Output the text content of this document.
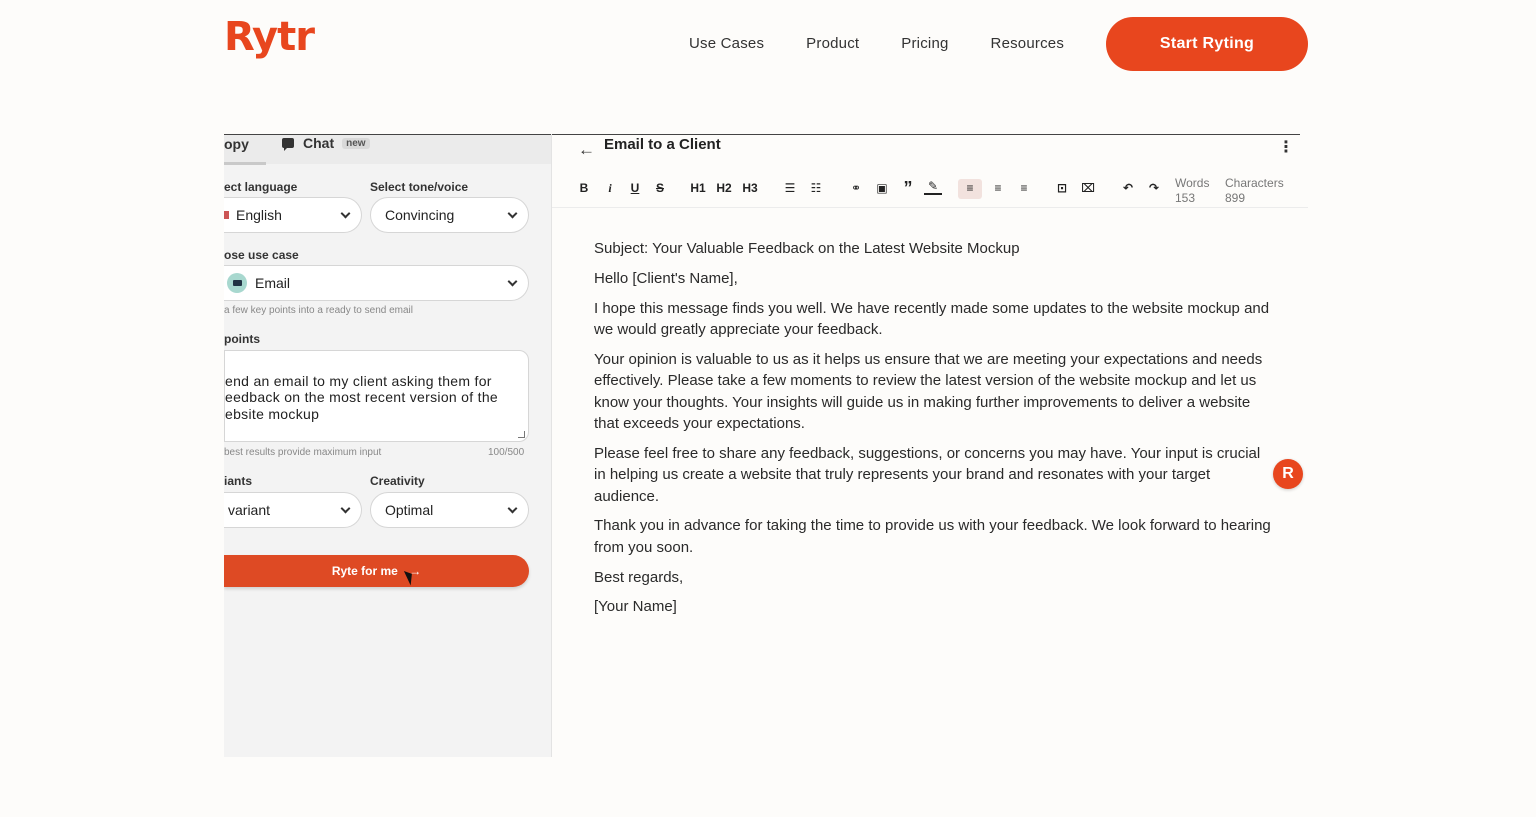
Rytr	Use Cases	Product	Pricing	Resources	Start Ryting
opy	Chat	new
ect language	Select tone/voice
English	Convincing
ose use case
Email
a few key points into a ready to send email
points

end an email to my client asking them for
eedback on the most recent version of the
ebsite mockup

best results provide maximum input	100/500
iants	Creativity
variant	Optimal
Ryte for me →
← Email to a Client	⋮
B	i	U S H1 H2 H3 ☰ ☷ ⚭ ▣ ”	✎	≡	≡	≡	⊡ ⌧ ↶ ↷ Words
153
Characters
899

Subject: Your Valuable Feedback on the Latest Website Mockup

Hello [Client's Name],

I hope this message finds you well. We have recently made some updates to the website mockup and we would greatly appreciate your feedback.

Your opinion is valuable to us as it helps us ensure that we are meeting your expectations and needs effectively. Please take a few moments to review the latest version of the website mockup and let us know your thoughts. Your insights will guide us in making further improvements to deliver a website that exceeds your expectations.

Please feel free to share any feedback, suggestions, or concerns you may have. Your input is crucial in helping us create a website that truly represents your brand and resonates with your target audience.

Thank you in advance for taking the time to provide us with your feedback. We look forward to hearing from you soon.

Best regards,

[Your Name]

R
